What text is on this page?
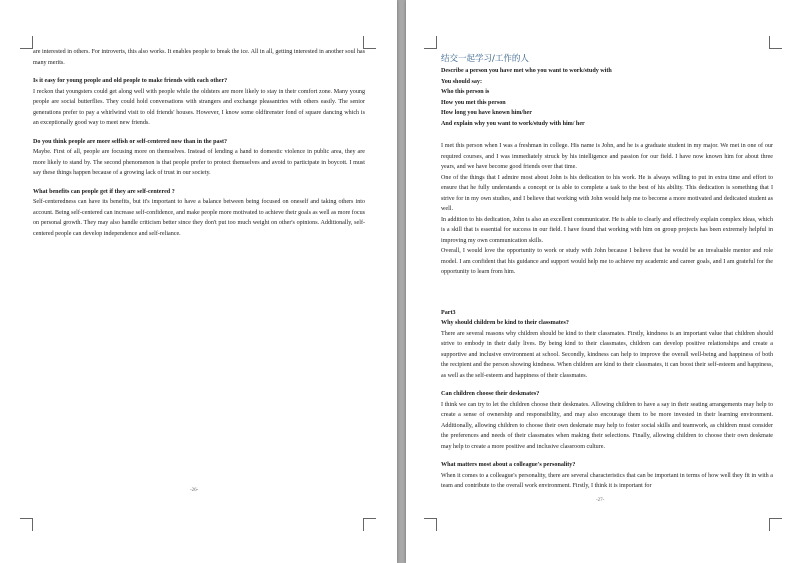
are interested in others. For introverts, this also works. It enables people to break the ice. All in all, getting interested in another soul has many merits.

Is it easy for young people and old people to make friends with each other?

I reckon that youngsters could get along well with people while the oldsters are more likely to stay in their comfort zone. Many young people are social butterflies. They could hold conversations with strangers and exchange pleasantries with others easily. The senior generations prefer to pay a whirlwind visit to old friends' houses. However, I know some oldfirenster fond of square dancing which is an exceptionally good way to meet new friends.

Do you think people are more selfish or self-centered now than in the past?

Maybe. First of all, people are focusing more on themselves. Instead of lending a hand to domestic violence in public area, they are more likely to stand by. The second phenomenon is that people prefer to protect themselves and avoid to participate in boycott. I must say these things happen because of a growing lack of trust in our society.

What benefits can people get if they are self-centered ?

Self-centeredness can have its benefits, but it's important to have a balance between being focused on oneself and taking others into account. Being self-centered can increase self-confidence, and make people more motivated to achieve their goals as well as more focus on personal growth. They may also handle criticism better since they don't put too much weight on other's opinions. Additionally, self-centered people can develop independence and self-reliance.

-26-

结交一起学习/工作的人

Describe a person you have met who you want to work/study with

You should say:

Who this person is

How you met this person

How long you have known him/her

And explain why you want to work/study with him/ her

I met this person when I was a freshman in college. His name is John, and he is a graduate student in my major. We met in one of our required courses, and I was immediately struck by his intelligence and passion for our field. I have now known him for about three years, and we have become good friends over that time.

One of the things that I admire most about John is his dedication to his work. He is always willing to put in extra time and effort to ensure that he fully understands a concept or is able to complete a task to the best of his ability. This dedication is something that I strive for in my own studies, and I believe that working with John would help me to become a more motivated and dedicated student as well.

In addition to his dedication, John is also an excellent communicator. He is able to clearly and effectively explain complex ideas, which is a skill that is essential for success in our field. I have found that working with him on group projects has been extremely helpful in improving my own communication skills.

Overall, I would love the opportunity to work or study with John because I believe that he would be an invaluable mentor and role model. I am confident that his guidance and support would help me to achieve my academic and career goals, and I am grateful for the opportunity to learn from him.

Part3

Why should children be kind to their classmates?

There are several reasons why children should be kind to their classmates. Firstly, kindness is an important value that children should strive to embody in their daily lives. By being kind to their classmates, children can develop positive relationships and create a supportive and inclusive environment at school. Secondly, kindness can help to improve the overall well-being and happiness of both the recipient and the person showing kindness. When children are kind to their classmates, it can boost their self-esteem and happiness, as well as the self-esteem and happiness of their classmates.

Can children choose their deskmates?

I think we can try to let the children choose their deskmates. Allowing children to have a say in their seating arrangements may help to create a sense of ownership and responsibility, and may also encourage them to be more invested in their learning environment. Additionally, allowing children to choose their own deskmate may help to foster social skills and teamwork, as children must consider the preferences and needs of their classmates when making their selections. Finally, allowing children to choose their own deskmate may help to create a more positive and inclusive classroom culture.

What matters most about a colleague's personality?

When it comes to a colleague's personality, there are several characteristics that can be important in terms of how well they fit in with a team and contribute to the overall work environment. Firstly, I think it is important for

-27-
